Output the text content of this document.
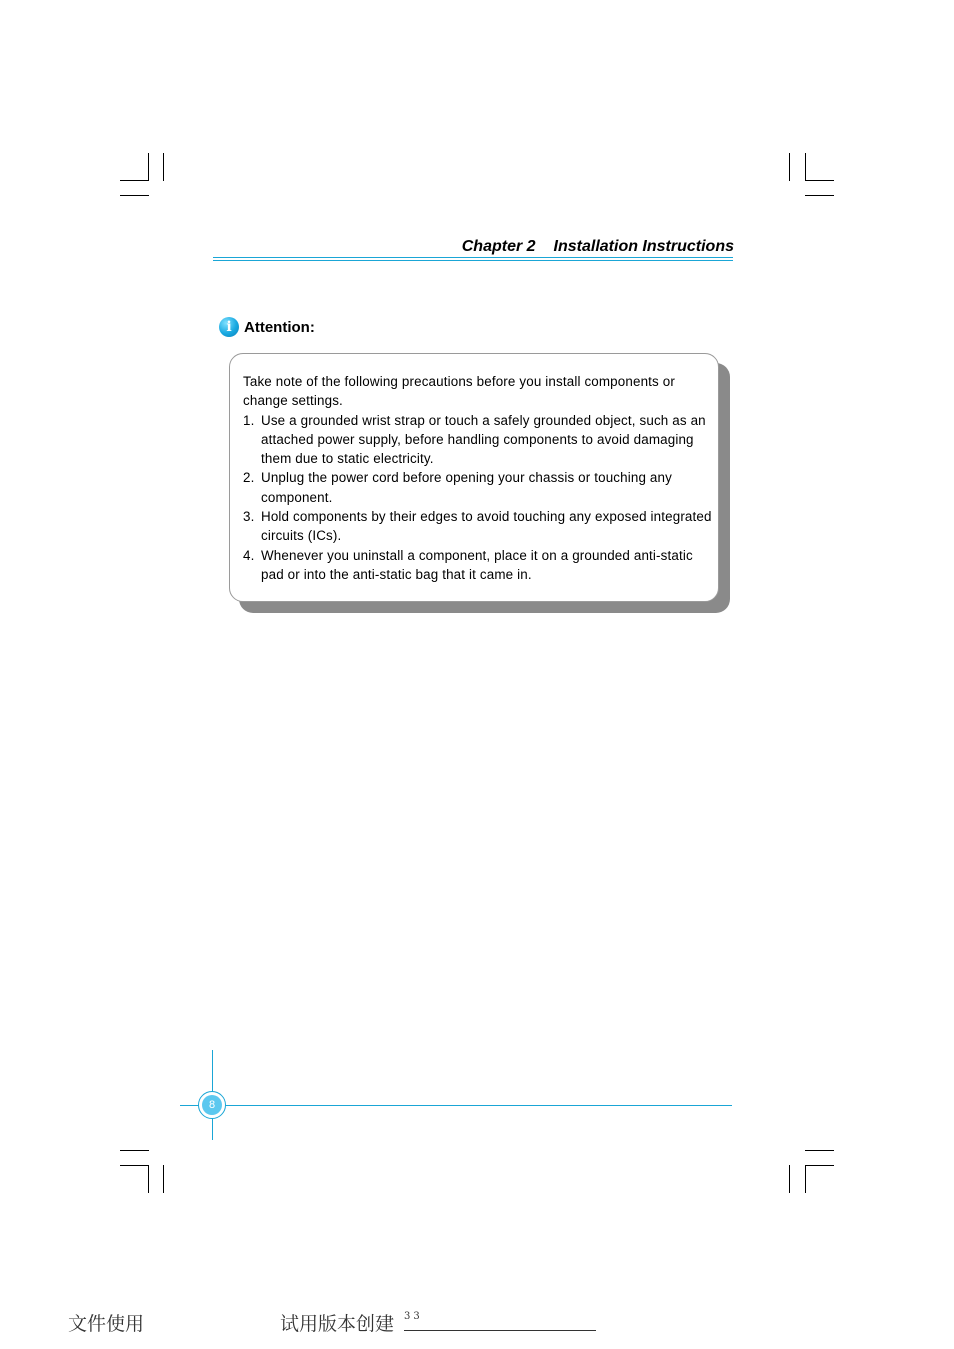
Chapter 2 Installation Instructions
i Attention:

Take note of the following precautions before you install components or change settings.

1. Use a grounded wrist strap or touch a safely grounded object, such as an attached power supply, before handling components to avoid damaging them due to static electricity.
2. Unplug the power cord before opening your chassis or touching any component.
3. Hold components by their edges to avoid touching any exposed integrated circuits (ICs).
4. Whenever you uninstall a component, place it on a grounded anti-static pad or into the anti-static bag that it came in.
8
文件使用	试用版本创建 33
